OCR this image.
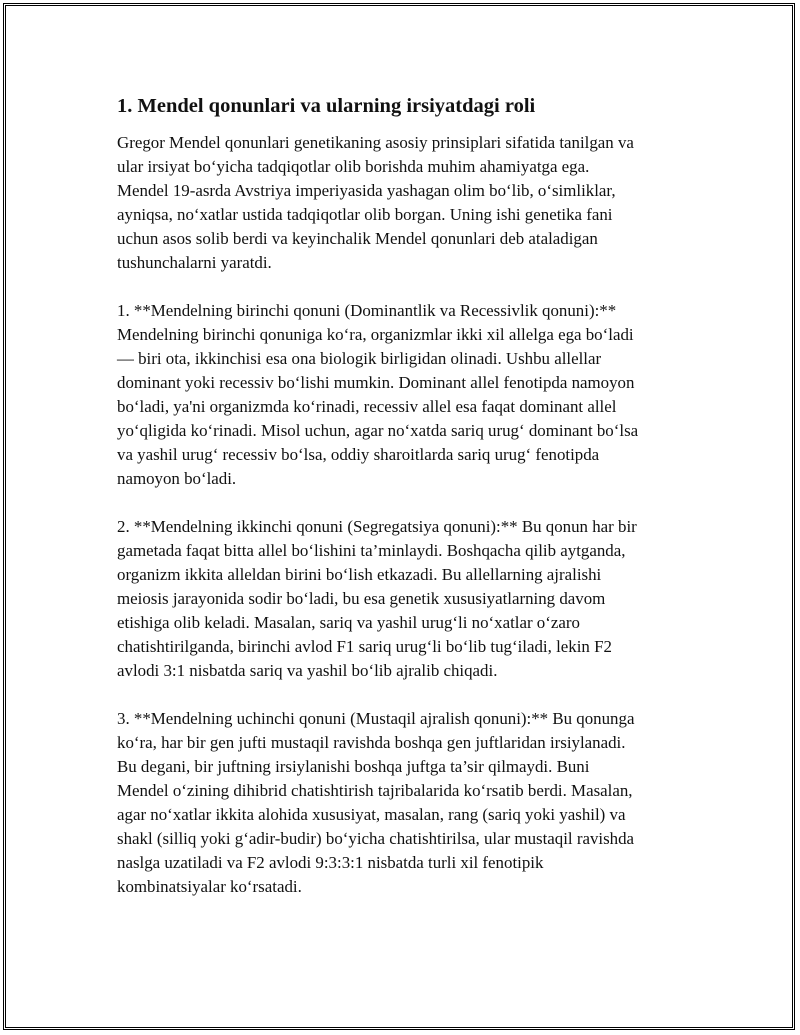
1. Mendel qonunlari va ularning irsiyatdagi roli

Gregor Mendel qonunlari genetikaning asosiy prinsiplari sifatida tanilgan va
ular irsiyat bo‘yicha tadqiqotlar olib borishda muhim ahamiyatga ega.
Mendel 19-asrda Avstriya imperiyasida yashagan olim bo‘lib, o‘simliklar,
ayniqsa, no‘xatlar ustida tadqiqotlar olib borgan. Uning ishi genetika fani
uchun asos solib berdi va keyinchalik Mendel qonunlari deb ataladigan
tushunchalarni yaratdi.

1. **Mendelning birinchi qonuni (Dominantlik va Recessivlik qonuni):**
Mendelning birinchi qonuniga ko‘ra, organizmlar ikki xil allelga ega bo‘ladi
— biri ota, ikkinchisi esa ona biologik birligidan olinadi. Ushbu allellar
dominant yoki recessiv bo‘lishi mumkin. Dominant allel fenotipda namoyon
bo‘ladi, ya'ni organizmda ko‘rinadi, recessiv allel esa faqat dominant allel
yo‘qligida ko‘rinadi. Misol uchun, agar no‘xatda sariq urug‘ dominant bo‘lsa
va yashil urug‘ recessiv bo‘lsa, oddiy sharoitlarda sariq urug‘ fenotipda
namoyon bo‘ladi.

2. **Mendelning ikkinchi qonuni (Segregatsiya qonuni):** Bu qonun har bir
gametada faqat bitta allel bo‘lishini ta’minlaydi. Boshqacha qilib aytganda,
organizm ikkita alleldan birini bo‘lish etkazadi. Bu allellarning ajralishi
meiosis jarayonida sodir bo‘ladi, bu esa genetik xususiyatlarning davom
etishiga olib keladi. Masalan, sariq va yashil urug‘li no‘xatlar o‘zaro
chatishtirilganda, birinchi avlod F1 sariq urug‘li bo‘lib tug‘iladi, lekin F2
avlodi 3:1 nisbatda sariq va yashil bo‘lib ajralib chiqadi.

3. **Mendelning uchinchi qonuni (Mustaqil ajralish qonuni):** Bu qonunga
ko‘ra, har bir gen jufti mustaqil ravishda boshqa gen juftlaridan irsiylanadi.
Bu degani, bir juftning irsiylanishi boshqa juftga ta’sir qilmaydi. Buni
Mendel o‘zining dihibrid chatishtirish tajribalarida ko‘rsatib berdi. Masalan,
agar no‘xatlar ikkita alohida xususiyat, masalan, rang (sariq yoki yashil) va
shakl (silliq yoki g‘adir-budir) bo‘yicha chatishtirilsa, ular mustaqil ravishda
naslga uzatiladi va F2 avlodi 9:3:3:1 nisbatda turli xil fenotipik
kombinatsiyalar ko‘rsatadi.
